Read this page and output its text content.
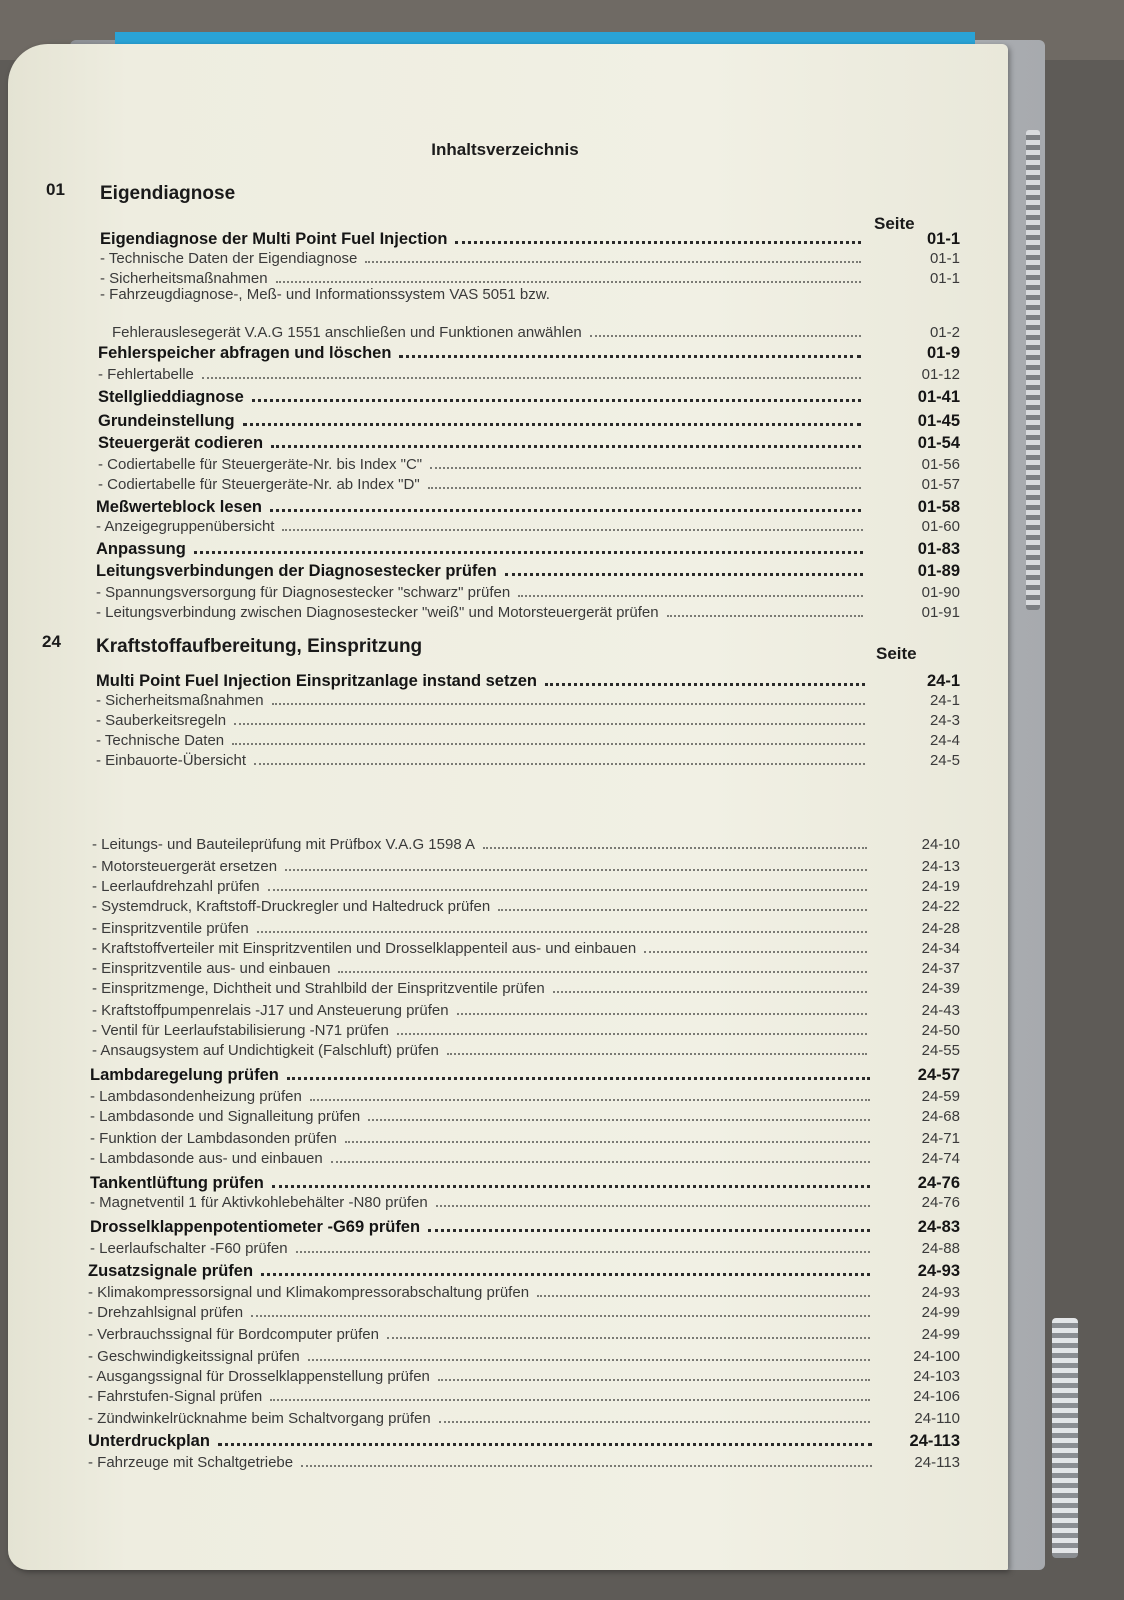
Inhaltsverzeichnis
01 Eigendiagnose
Seite
Eigendiagnose der Multi Point Fuel Injection	01-1
- Technische Daten der Eigendiagnose	01-1
- Sicherheitsmaßnahmen	01-1
- Fahrzeugdiagnose-, Meß- und Informationssystem VAS 5051 bzw.
Fehlerauslesegerät V.A.G 1551 anschließen und Funktionen anwählen	01-2
Fehlerspeicher abfragen und löschen	01-9
- Fehlertabelle	01-12
Stellglieddiagnose	01-41
Grundeinstellung	01-45
Steuergerät codieren	01-54
- Codiertabelle für Steuergeräte-Nr. bis Index "C"	01-56
- Codiertabelle für Steuergeräte-Nr. ab Index "D"	01-57
Meßwerteblock lesen	01-58
- Anzeigegruppenübersicht	01-60
Anpassung	01-83
Leitungsverbindungen der Diagnosestecker prüfen	01-89
- Spannungsversorgung für Diagnosestecker "schwarz" prüfen	01-90
- Leitungsverbindung zwischen Diagnosestecker "weiß" und Motorsteuergerät prüfen	01-91
24 Kraftstoffaufbereitung, Einspritzung	Seite
Multi Point Fuel Injection Einspritzanlage instand setzen	24-1
- Sicherheitsmaßnahmen	24-1
- Sauberkeitsregeln	24-3
- Technische Daten	24-4
- Einbauorte-Übersicht	24-5
- Leitungs- und Bauteileprüfung mit Prüfbox V.A.G 1598 A	24-10
- Motorsteuergerät ersetzen	24-13
- Leerlaufdrehzahl prüfen	24-19
- Systemdruck, Kraftstoff-Druckregler und Haltedruck prüfen	24-22
- Einspritzventile prüfen	24-28
- Kraftstoffverteiler mit Einspritzventilen und Drosselklappenteil aus- und einbauen	24-34
- Einspritzventile aus- und einbauen	24-37
- Einspritzmenge, Dichtheit und Strahlbild der Einspritzventile prüfen	24-39
- Kraftstoffpumpenrelais -J17 und Ansteuerung prüfen	24-43
- Ventil für Leerlaufstabilisierung -N71 prüfen	24-50
- Ansaugsystem auf Undichtigkeit (Falschluft) prüfen	24-55
Lambdaregelung prüfen	24-57
- Lambdasondenheizung prüfen	24-59
- Lambdasonde und Signalleitung prüfen	24-68
- Funktion der Lambdasonden prüfen	24-71
- Lambdasonde aus- und einbauen	24-74
Tankentlüftung prüfen	24-76
- Magnetventil 1 für Aktivkohlebehälter -N80 prüfen	24-76
Drosselklappenpotentiometer -G69 prüfen	24-83
- Leerlaufschalter -F60 prüfen	24-88
Zusatzsignale prüfen	24-93
- Klimakompressorsignal und Klimakompressorabschaltung prüfen	24-93
- Drehzahlsignal prüfen	24-99
- Verbrauchssignal für Bordcomputer prüfen	24-99
- Geschwindigkeitssignal prüfen	24-100
- Ausgangssignal für Drosselklappenstellung prüfen	24-103
- Fahrstufen-Signal prüfen	24-106
- Zündwinkelrücknahme beim Schaltvorgang prüfen	24-110
Unterdruckplan	24-113
- Fahrzeuge mit Schaltgetriebe	24-113
